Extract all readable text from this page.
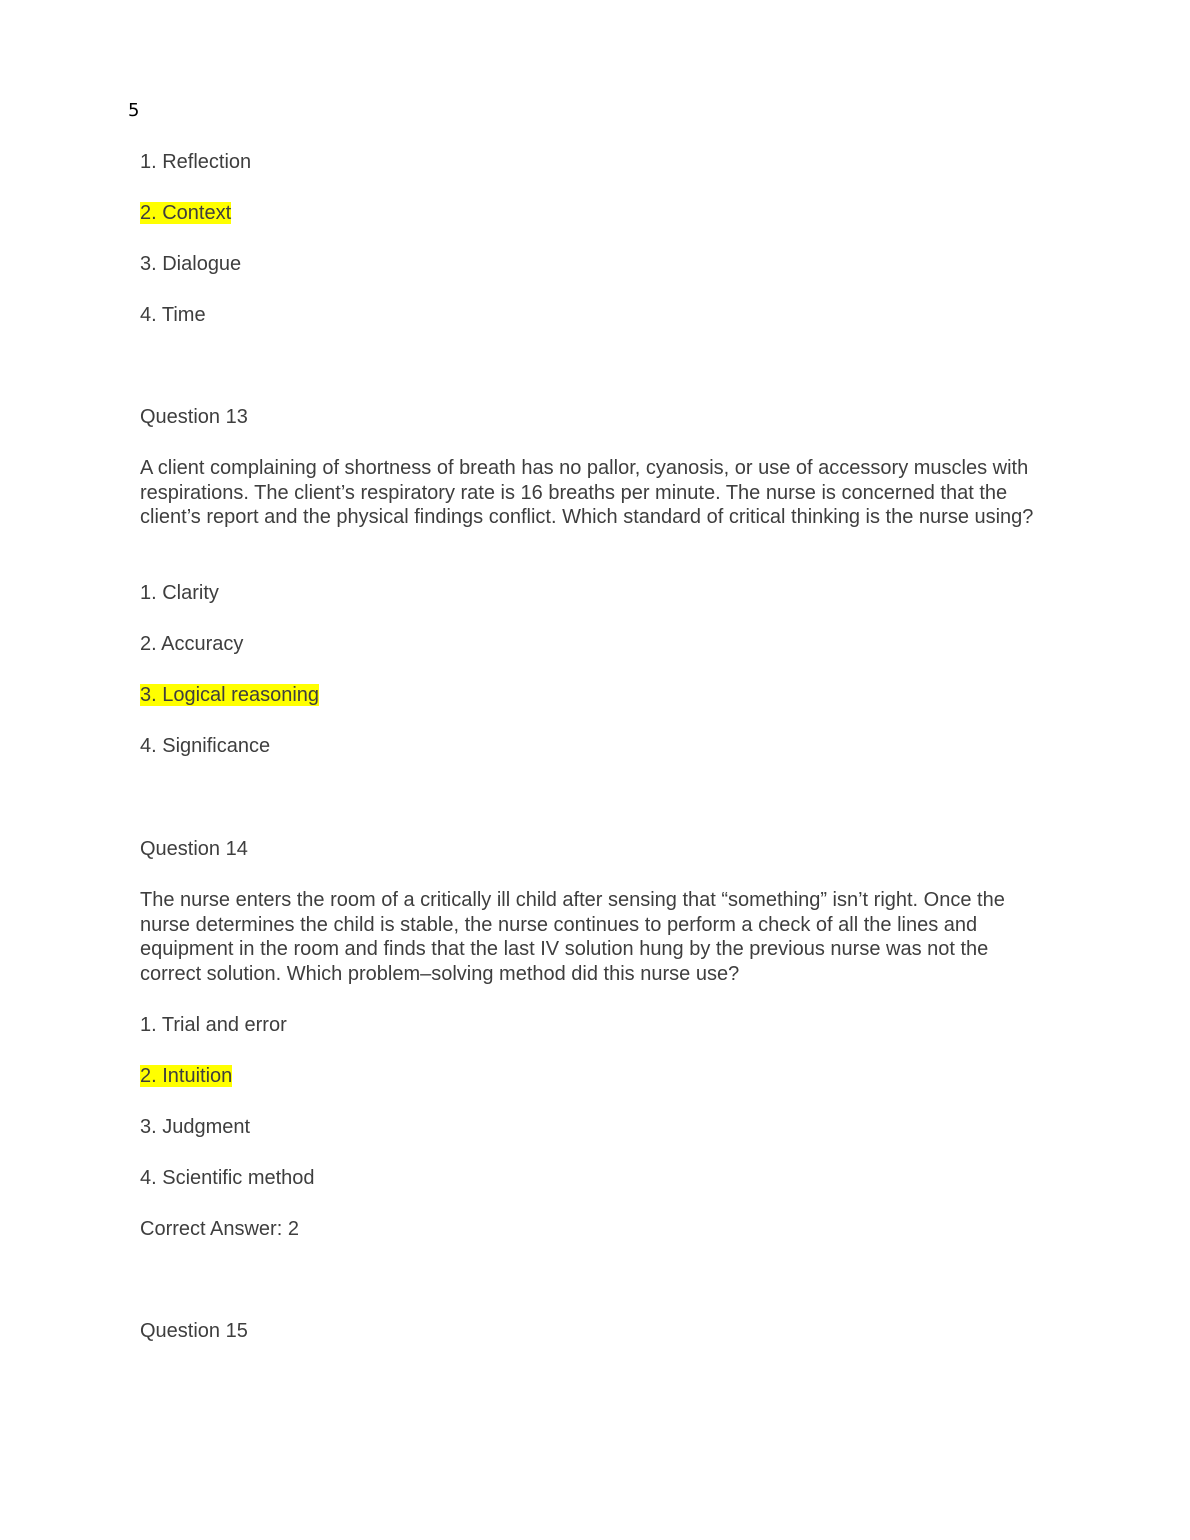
5
1. Reflection
2. Context
3. Dialogue
4. Time
Question 13
A client complaining of shortness of breath has no pallor, cyanosis, or use of accessory muscles with respirations. The client’s respiratory rate is 16 breaths per minute. The nurse is concerned that the client’s report and the physical findings conflict. Which standard of critical thinking is the nurse using?
1. Clarity
2. Accuracy
3. Logical reasoning
4. Significance
Question 14
The nurse enters the room of a critically ill child after sensing that “something” isn’t right. Once the nurse determines the child is stable, the nurse continues to perform a check of all the lines and equipment in the room and finds that the last IV solution hung by the previous nurse was not the correct solution. Which problem–solving method did this nurse use?
1. Trial and error
2. Intuition
3. Judgment
4. Scientific method
Correct Answer: 2
Question 15
